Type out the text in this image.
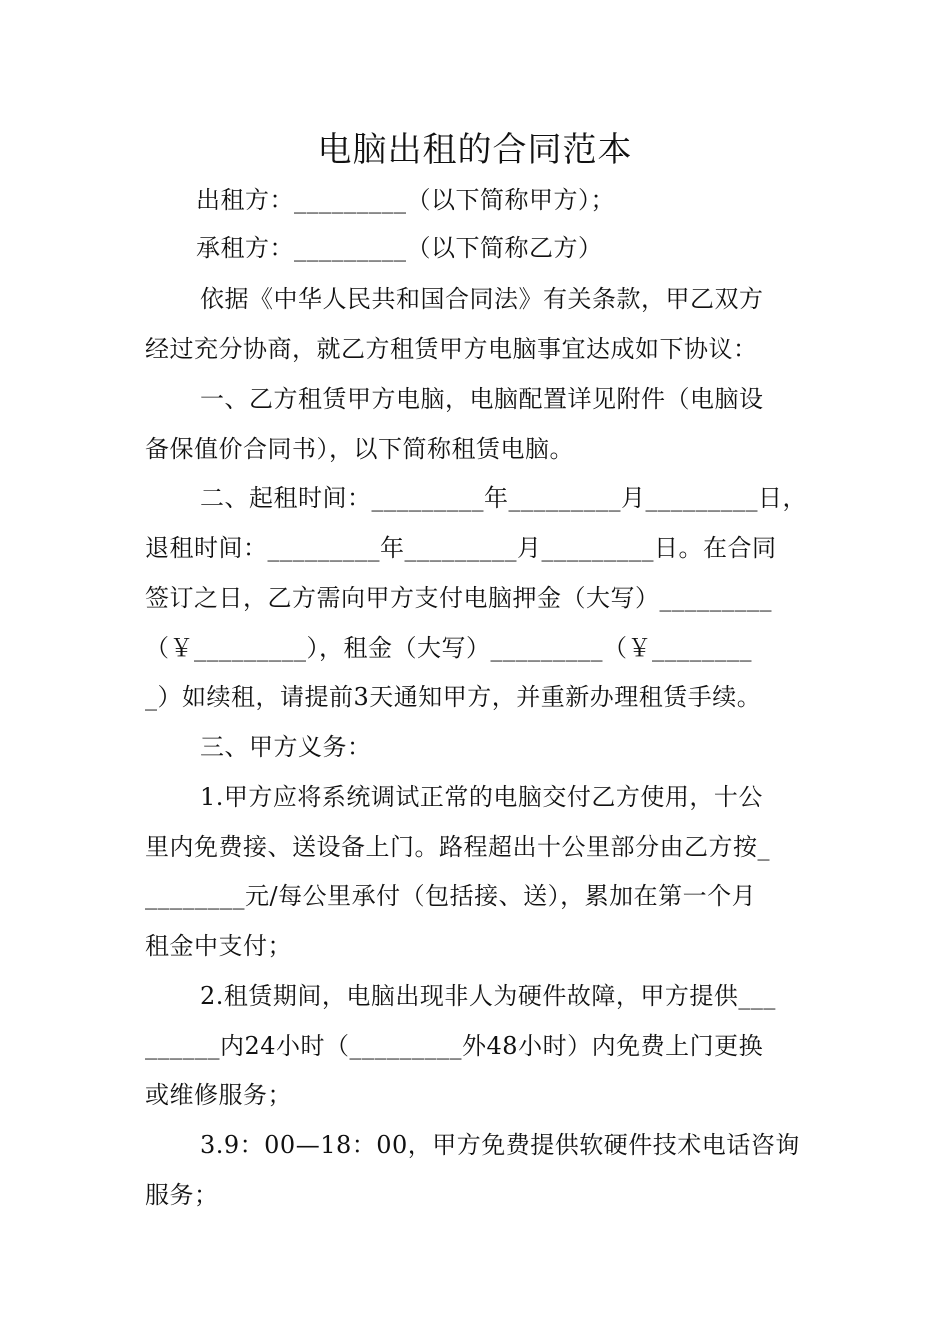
电脑出租的合同范本
出租方：_________（以下简称甲方）；
承租方：_________（以下简称乙方）
依据《中华人民共和国合同法》有关条款，甲乙双方
经过充分协商，就乙方租赁甲方电脑事宜达成如下协议：
一、乙方租赁甲方电脑，电脑配置详见附件（电脑设
备保值价合同书），以下简称租赁电脑。
二、起租时间：_________年_________月_________日，
退租时间：_________年_________月_________日。在合同
签订之日，乙方需向甲方支付电脑押金（大写）_________
（￥_________），租金（大写）_________（￥________
_）如续租，请提前3天通知甲方，并重新办理租赁手续。
三、甲方义务：
1.甲方应将系统调试正常的电脑交付乙方使用，十公
里内免费接、送设备上门。路程超出十公里部分由乙方按_
________元/每公里承付（包括接、送），累加在第一个月
租金中支付；
2.租赁期间，电脑出现非人为硬件故障，甲方提供___
______内24小时（_________外48小时）内免费上门更换
或维修服务；
3.9：00—18：00，甲方免费提供软硬件技术电话咨询
服务；
